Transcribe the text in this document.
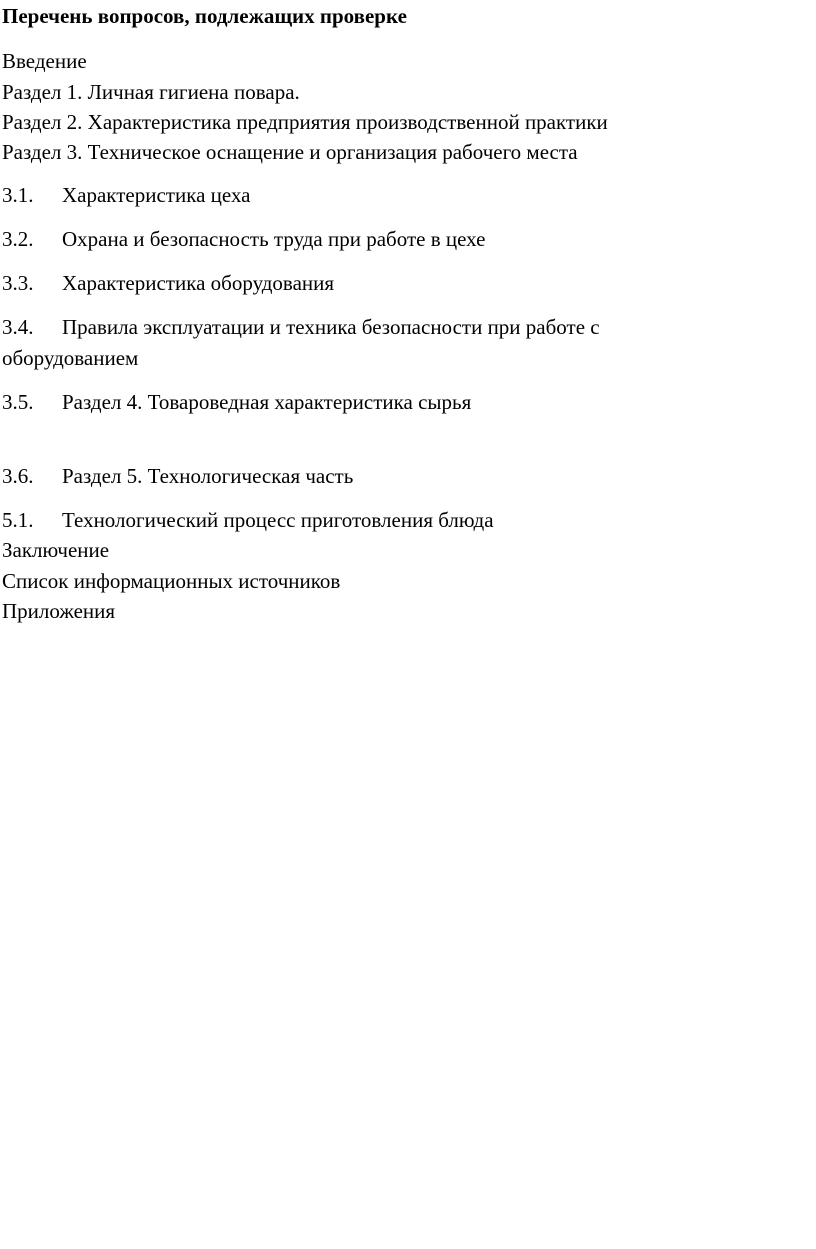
Перечень вопросов, подлежащих проверке
Введение
Раздел 1. Личная гигиена повара.
Раздел 2. Характеристика предприятия производственной практики
Раздел 3. Техническое оснащение и организация рабочего места
3.1. Характеристика цеха
3.2. Охрана и безопасность труда при работе в цехе
3.3. Характеристика оборудования
3.4. Правила эксплуатации и техника безопасности при работе с
оборудованием
3.5. Раздел 4. Товароведная характеристика сырья
3.6. Раздел 5. Технологическая часть
5.1. Технологический процесс приготовления блюда
Заключение
Список информационных источников
Приложения
